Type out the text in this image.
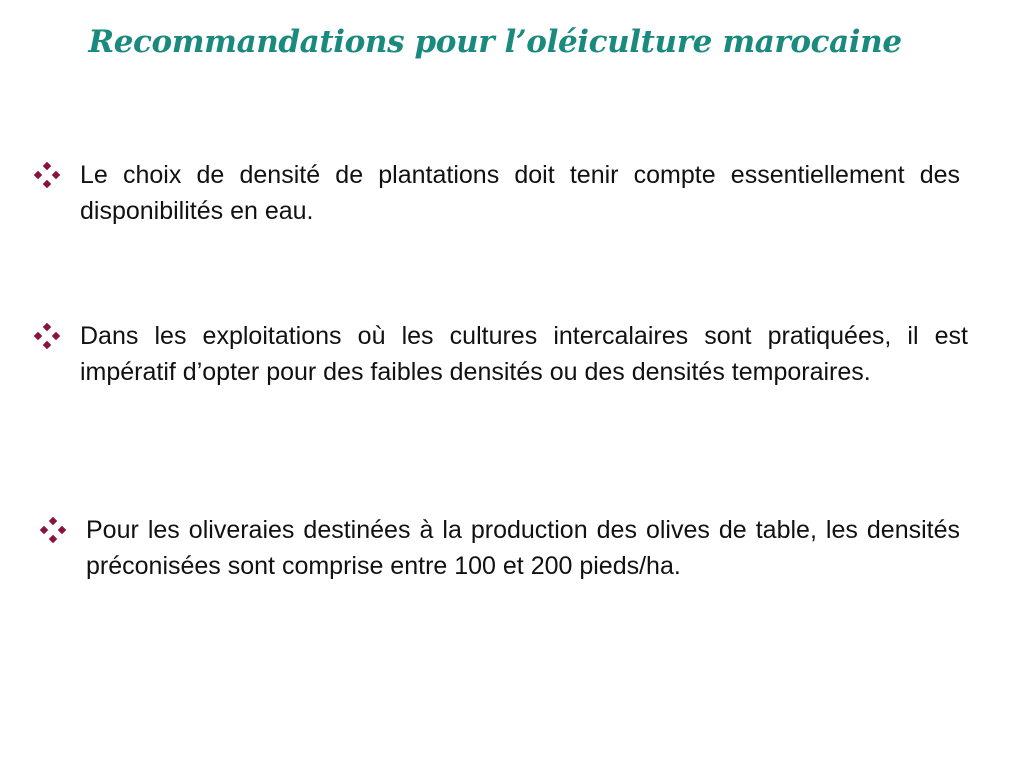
Recommandations pour l’oléiculture marocaine

Le choix de densité de plantations doit tenir compte essentiellement des disponibilités en eau.

Dans les exploitations où les cultures intercalaires sont pratiquées, il est impératif d’opter pour des faibles densités ou des densités temporaires.

Pour les oliveraies destinées à la production des olives de table, les densités préconisées sont comprise entre 100 et 200 pieds/ha.
